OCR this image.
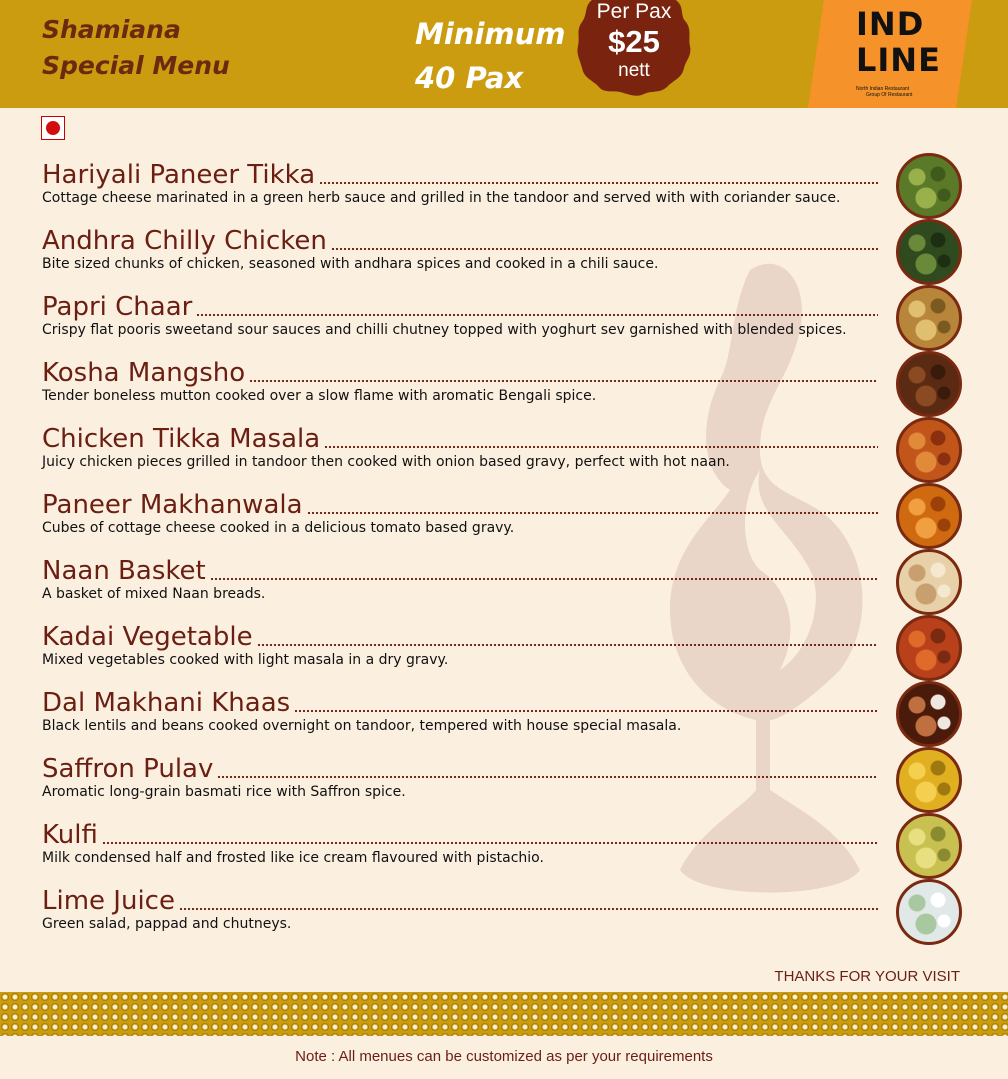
Shamiana
Special Menu
Minimum
40 Pax
Per Pax
$25
nett
IND
LINE
North Indian Restaurant
Group Of Restaurant
Hariyali Paneer Tikka
Cottage cheese marinated in a green herb sauce and grilled in the tandoor and served with with coriander sauce.
Andhra Chilly Chicken
Bite sized chunks of chicken, seasoned with andhara spices and cooked in a chili sauce.
Papri Chaar
Crispy flat pooris sweetand sour sauces and chilli chutney topped with yoghurt sev garnished with blended spices.
Kosha Mangsho
Tender boneless mutton cooked over a slow flame with aromatic Bengali spice.
Chicken Tikka Masala
Juicy chicken pieces grilled in tandoor then cooked with onion based gravy, perfect with hot naan.
Paneer Makhanwala
Cubes of cottage cheese cooked in a delicious tomato based gravy.
Naan Basket
A basket of mixed Naan breads.
Kadai Vegetable
Mixed vegetables cooked with light masala in a dry gravy.
Dal Makhani Khaas
Black lentils and beans cooked overnight on tandoor, tempered with house special masala.
Saffron Pulav
Aromatic long-grain basmati rice with Saffron spice.
Kulfi
Milk condensed half and frosted like ice cream flavoured with pistachio.
Lime Juice
Green salad, pappad and chutneys.
THANKS FOR YOUR VISIT
Note : All menues can be customized as per your requirements
